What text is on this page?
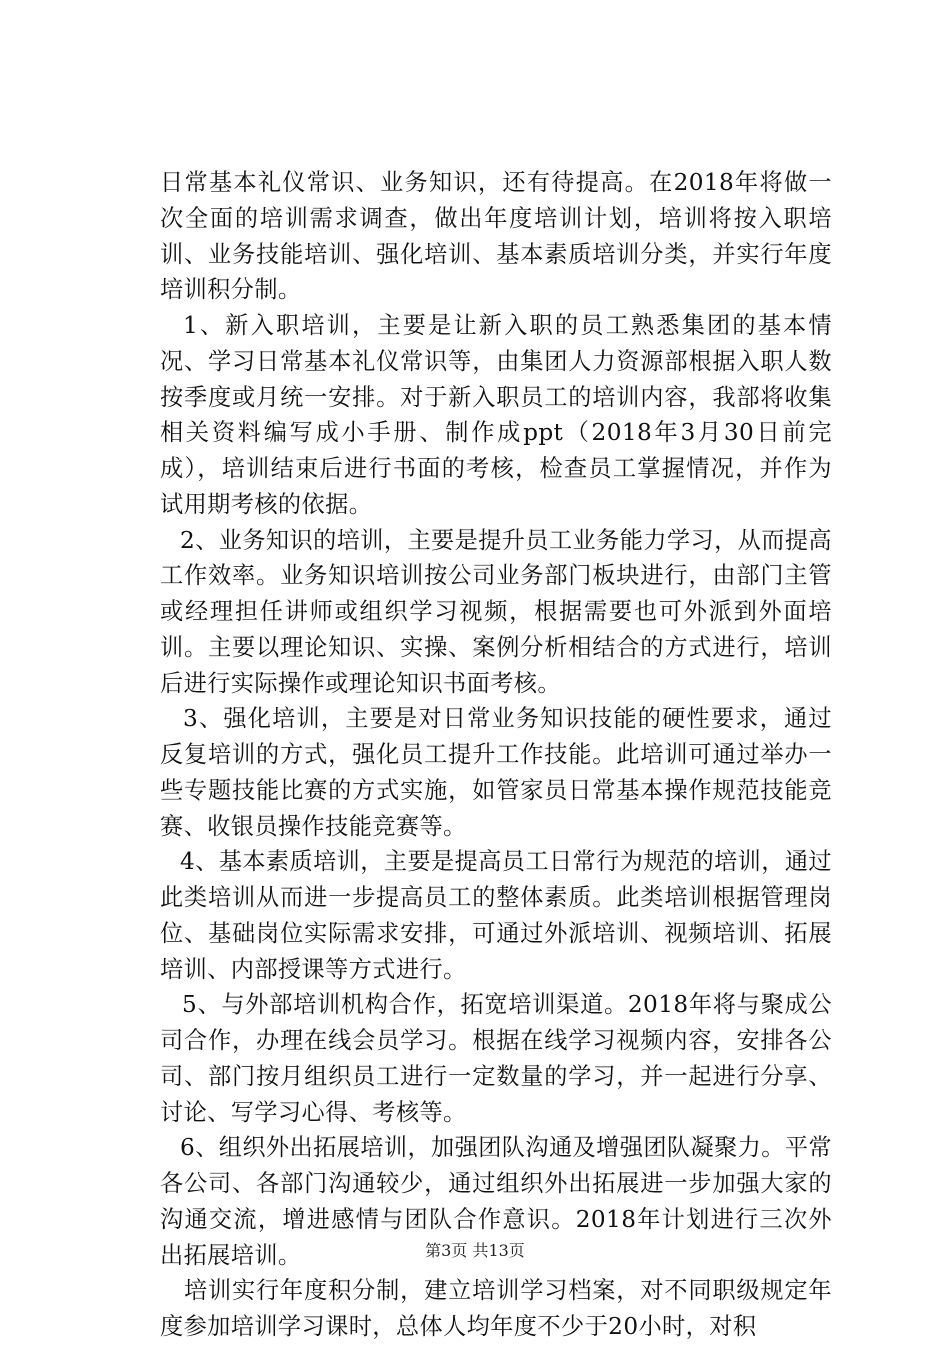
日常基本礼仪常识、业务知识，还有待提高。在2018年将做一次全面的培训需求调查，做出年度培训计划，培训将按入职培训、业务技能培训、强化培训、基本素质培训分类，并实行年度培训积分制。

1、新入职培训，主要是让新入职的员工熟悉集团的基本情况、学习日常基本礼仪常识等，由集团人力资源部根据入职人数按季度或月统一安排。对于新入职员工的培训内容，我部将收集相关资料编写成小手册、制作成ppt（2018年3月30日前完成），培训结束后进行书面的考核，检查员工掌握情况，并作为试用期考核的依据。

2、业务知识的培训，主要是提升员工业务能力学习，从而提高工作效率。业务知识培训按公司业务部门板块进行，由部门主管或经理担任讲师或组织学习视频，根据需要也可外派到外面培训。主要以理论知识、实操、案例分析相结合的方式进行，培训后进行实际操作或理论知识书面考核。

3、强化培训，主要是对日常业务知识技能的硬性要求，通过反复培训的方式，强化员工提升工作技能。此培训可通过举办一些专题技能比赛的方式实施，如管家员日常基本操作规范技能竞赛、收银员操作技能竞赛等。

4、基本素质培训，主要是提高员工日常行为规范的培训，通过此类培训从而进一步提高员工的整体素质。此类培训根据管理岗位、基础岗位实际需求安排，可通过外派培训、视频培训、拓展培训、内部授课等方式进行。

5、与外部培训机构合作，拓宽培训渠道。2018年将与聚成公司合作，办理在线会员学习。根据在线学习视频内容，安排各公司、部门按月组织员工进行一定数量的学习，并一起进行分享、讨论、写学习心得、考核等。

6、组织外出拓展培训，加强团队沟通及增强团队凝聚力。平常各公司、各部门沟通较少，通过组织外出拓展进一步加强大家的沟通交流，增进感情与团队合作意识。2018年计划进行三次外出拓展培训。

培训实行年度积分制，建立培训学习档案，对不同职级规定年度参加培训学习课时，总体人均年度不少于20小时，对积

第3页 共13页
